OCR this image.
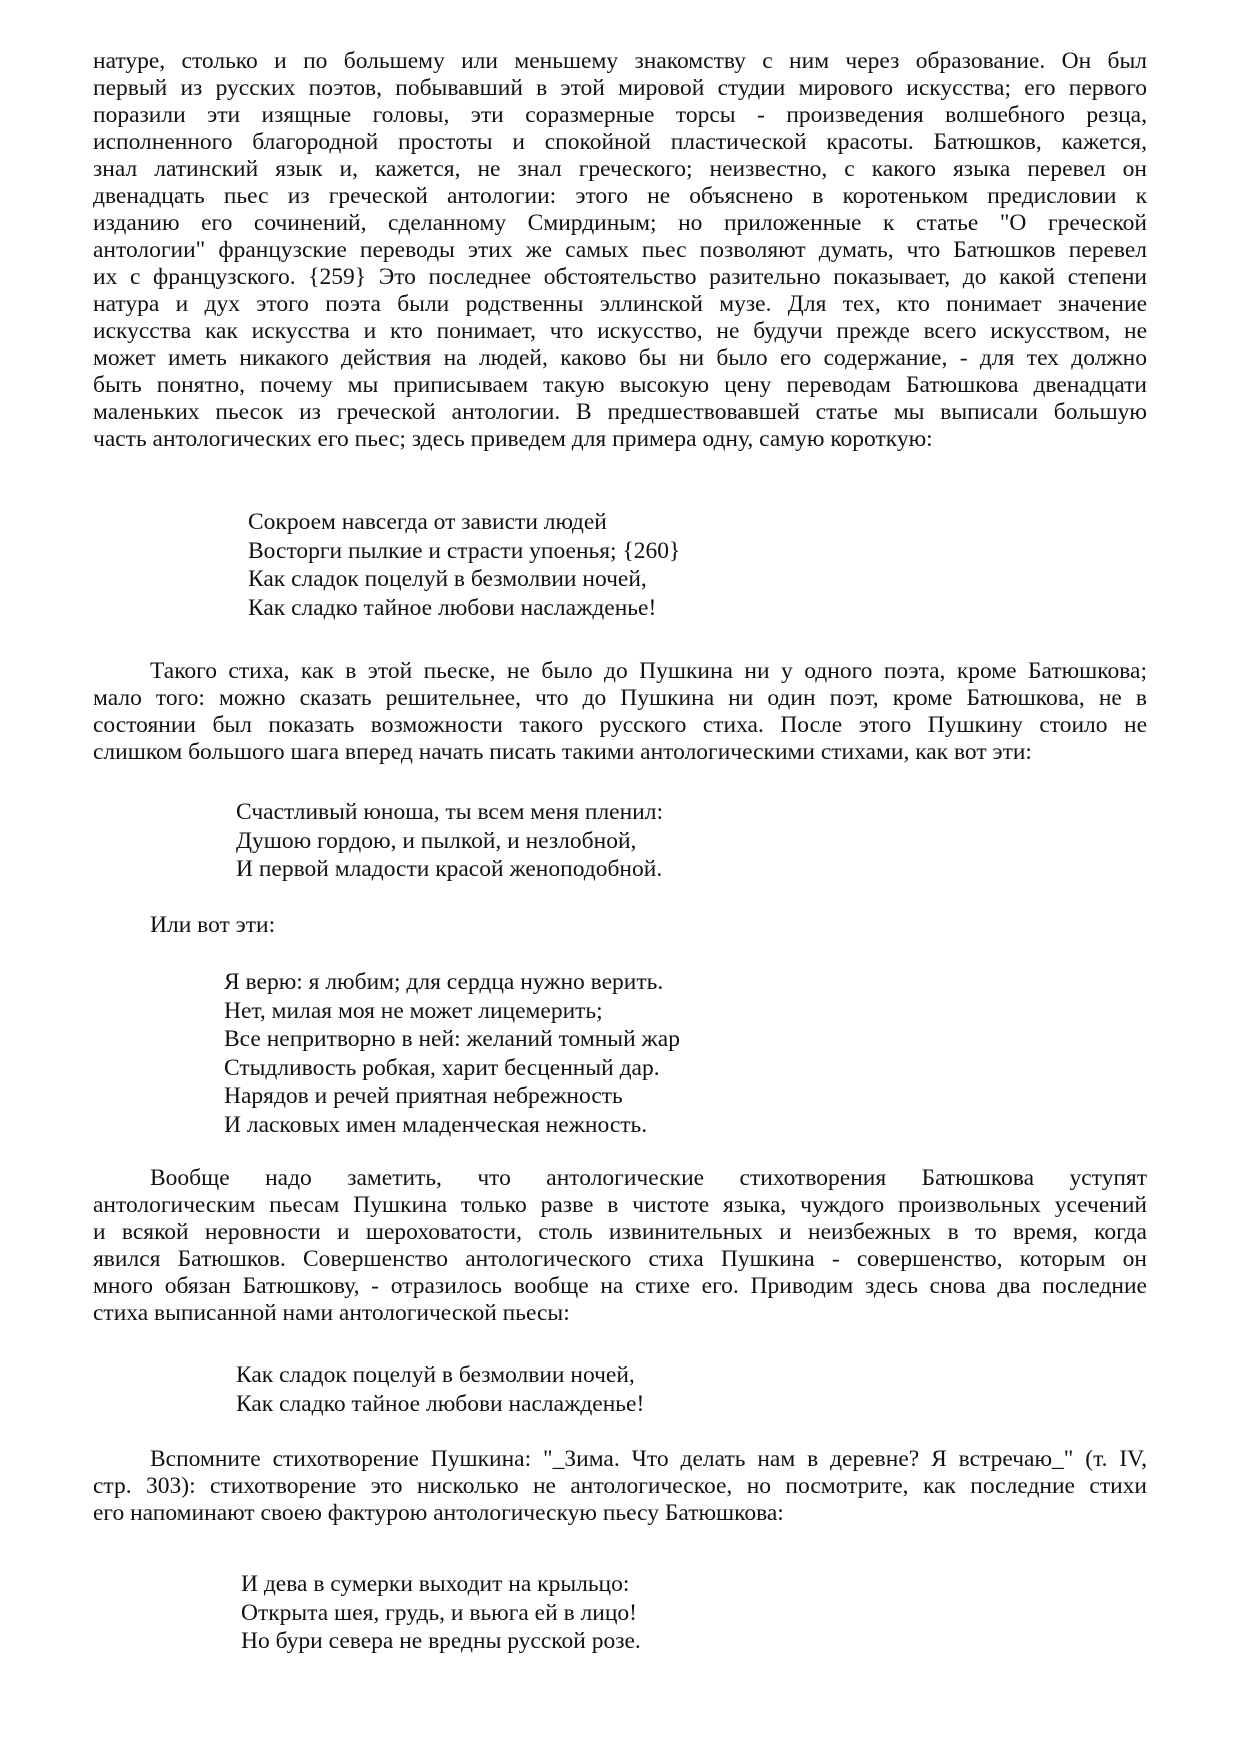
натуре, столько и по большему или меньшему знакомству с ним через образование. Он был
первый из русских поэтов, побывавший в этой мировой студии мирового искусства; его первого
поразили эти изящные головы, эти соразмерные торсы - произведения волшебного резца,
исполненного благородной простоты и спокойной пластической красоты. Батюшков, кажется,
знал латинский язык и, кажется, не знал греческого; неизвестно, с какого языка перевел он
двенадцать пьес из греческой антологии: этого не объяснено в коротеньком предисловии к
изданию его сочинений, сделанному Смирдиным; но приложенные к статье "О греческой
антологии" французские переводы этих же самых пьес позволяют думать, что Батюшков перевел
их с французского. {259} Это последнее обстоятельство разительно показывает, до какой степени
натура и дух этого поэта были родственны эллинской музе. Для тех, кто понимает значение
искусства как искусства и кто понимает, что искусство, не будучи прежде всего искусством, не
может иметь никакого действия на людей, каково бы ни было его содержание, - для тех должно
быть понятно, почему мы приписываем такую высокую цену переводам Батюшкова двенадцати
маленьких пьесок из греческой антологии. В предшествовавшей статье мы выписали большую
часть антологических его пьес; здесь приведем для примера одну, самую короткую:
Сокроем навсегда от зависти людей
Восторги пылкие и страсти упоенья; {260}
Как сладок поцелуй в безмолвии ночей,
Как сладко тайное любови наслажденье!
Такого стиха, как в этой пьеске, не было до Пушкина ни у одного поэта, кроме Батюшкова;
мало того: можно сказать решительнее, что до Пушкина ни один поэт, кроме Батюшкова, не в
состоянии был показать возможности такого русского стиха. После этого Пушкину стоило не
слишком большого шага вперед начать писать такими антологическими стихами, как вот эти:
Счастливый юноша, ты всем меня пленил:
Душою гордою, и пылкой, и незлобной,
И первой младости красой женоподобной.
Или вот эти:
Я верю: я любим; для сердца нужно верить.
Нет, милая моя не может лицемерить;
Все непритворно в ней: желаний томный жар
Стыдливость робкая, харит бесценный дар.
Нарядов и речей приятная небрежность
И ласковых имен младенческая нежность.
Вообще надо заметить, что антологические стихотворения Батюшкова уступят
антологическим пьесам Пушкина только разве в чистоте языка, чуждого произвольных усечений
и всякой неровности и шероховатости, столь извинительных и неизбежных в то время, когда
явился Батюшков. Совершенство антологического стиха Пушкина - совершенство, которым он
много обязан Батюшкову, - отразилось вообще на стихе его. Приводим здесь снова два последние
стиха выписанной нами антологической пьесы:
Как сладок поцелуй в безмолвии ночей,
Как сладко тайное любови наслажденье!
Вспомните стихотворение Пушкина: "_Зима. Что делать нам в деревне? Я встречаю_" (т. IV,
стр. 303): стихотворение это нисколько не антологическое, но посмотрите, как последние стихи
его напоминают своею фактурою антологическую пьесу Батюшкова:
И дева в сумерки выходит на крыльцо:
Открыта шея, грудь, и вьюга ей в лицо!
Но бури севера не вредны русской розе.
